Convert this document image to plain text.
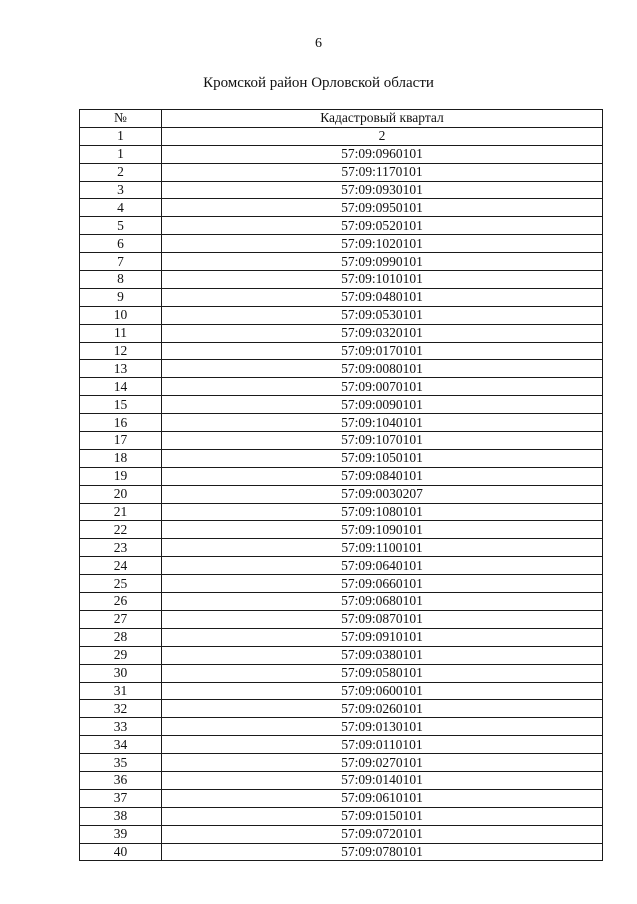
6
Кромской район Орловской области
№	Кадастровый квартал
1	2
1	57:09:0960101
2	57:09:1170101
3	57:09:0930101
4	57:09:0950101
5	57:09:0520101
6	57:09:1020101
7	57:09:0990101
8	57:09:1010101
9	57:09:0480101
10	57:09:0530101
11	57:09:0320101
12	57:09:0170101
13	57:09:0080101
14	57:09:0070101
15	57:09:0090101
16	57:09:1040101
17	57:09:1070101
18	57:09:1050101
19	57:09:0840101
20	57:09:0030207
21	57:09:1080101
22	57:09:1090101
23	57:09:1100101
24	57:09:0640101
25	57:09:0660101
26	57:09:0680101
27	57:09:0870101
28	57:09:0910101
29	57:09:0380101
30	57:09:0580101
31	57:09:0600101
32	57:09:0260101
33	57:09:0130101
34	57:09:0110101
35	57:09:0270101
36	57:09:0140101
37	57:09:0610101
38	57:09:0150101
39	57:09:0720101
40	57:09:0780101
